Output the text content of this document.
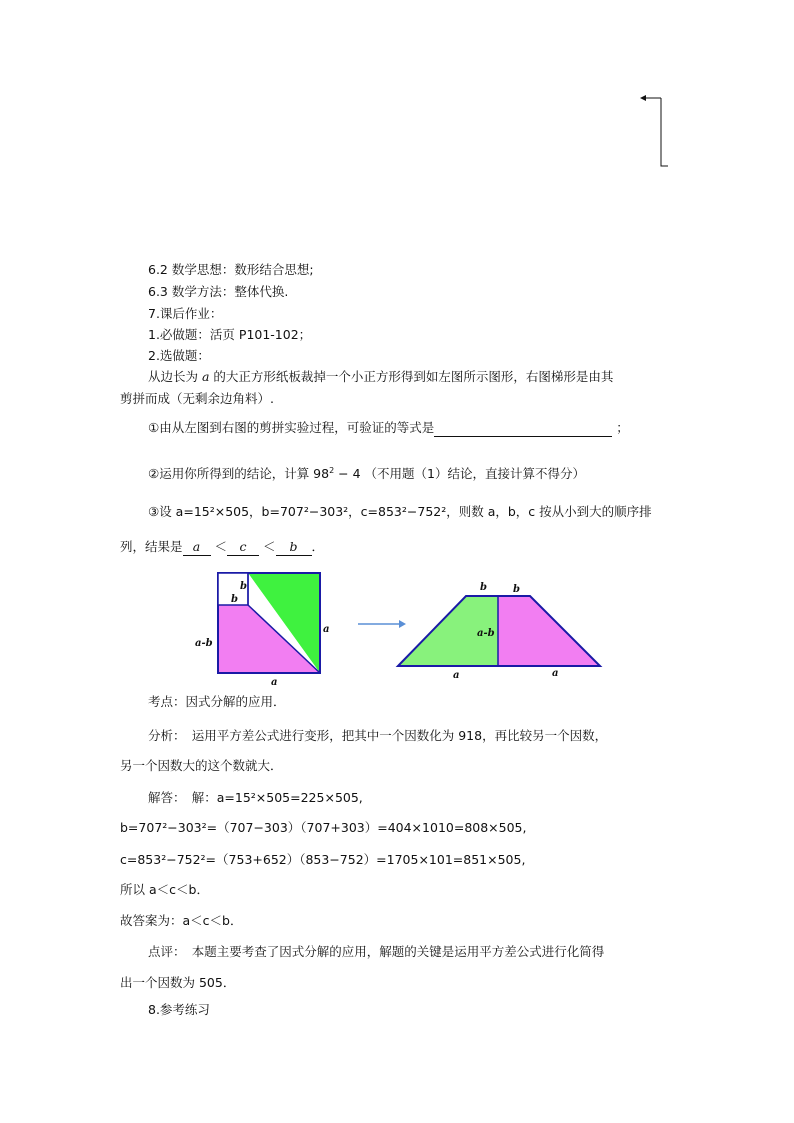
6.2 数学思想：数形结合思想;
6.3 数学方法：整体代换.
7.课后作业：
1.必做题：活页 P101-102；
2.选做题：
从边长为 a 的大正方形纸板裁掉一个小正方形得到如左图所示图形，右图梯形是由其
剪拼而成（无剩余边角料）.
①由从左图到右图的剪拼实验过程，可验证的等式是	；
②运用你所得到的结论，计算 $98^2 - 4$ （不用题（1）结论，直接计算不得分）
③设 a=15²×505，b=707²−303²，c=853²−752²，则数 a，b，c 按从小到大的顺序排
列，结果是 a ＜ c ＜ b ．
b
b
a-b
a
a
b	b
a-b
a	a
考点：因式分解的应用．
分析：　运用平方差公式进行变形，把其中一个因数化为 918，再比较另一个因数，
另一个因数大的这个数就大．
解答：　解：a=15²×505=225×505,
b=707²−303²=（707−303）（707+303）=404×1010=808×505,
c=853²−752²=（753+652）（853−752）=1705×101=851×505,
所以 a＜c＜b．
故答案为：a＜c＜b．
点评：　本题主要考查了因式分解的应用，解题的关键是运用平方差公式进行化简得
出一个因数为 505．
8.参考练习
